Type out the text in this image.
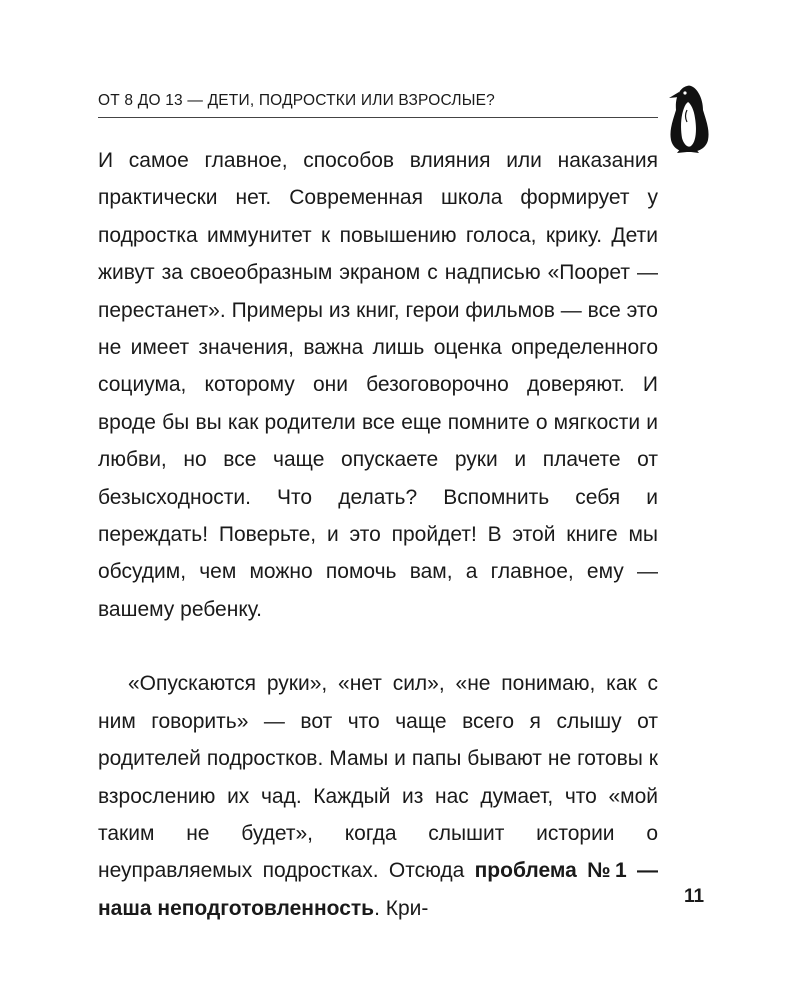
ОТ 8 ДО 13 — ДЕТИ, ПОДРОСТКИ ИЛИ ВЗРОСЛЫЕ?

И самое главное, способов влияния или наказания практически нет. Современная школа формирует у подростка иммунитет к повышению голоса, крику. Дети живут за своеобразным экраном с надписью «Поорет — перестанет». Примеры из книг, герои фильмов — все это не имеет значения, важна лишь оценка определенного социума, которому они безоговорочно доверяют. И вроде бы вы как родители все еще помните о мягкости и любви, но все чаще опускаете руки и плачете от безысходности. Что делать? Вспомнить себя и переждать! Поверьте, и это пройдет! В этой книге мы обсудим, чем можно помочь вам, а главное, ему — вашему ребенку.

«Опускаются руки», «нет сил», «не понимаю, как с ним говорить» — вот что чаще всего я слышу от родителей подростков. Мамы и папы бывают не готовы к взрослению их чад. Каждый из нас думает, что «мой таким не будет», когда слышит истории о неуправляемых подростках. Отсюда проблема №1 — наша неподготовленность. Кри-

11
